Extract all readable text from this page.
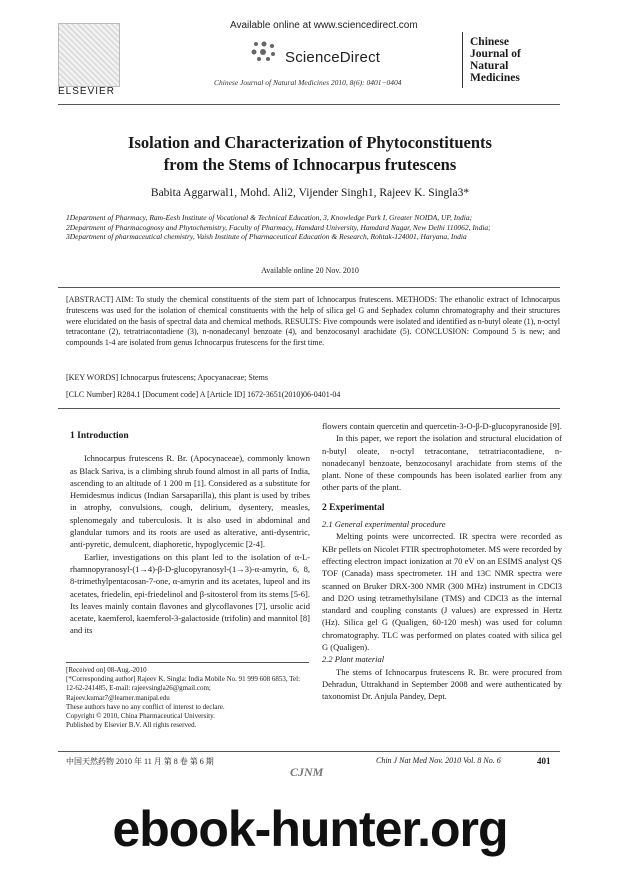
ELSEVIER
Available online at www.sciencedirect.com
ScienceDirect
Chinese Journal of Natural Medicines 2010, 8(6): 0401−0404
Chinese
Journal of
Natural
Medicines
Isolation and Characterization of Phytoconstituents
from the Stems of Ichnocarpus frutescens
Babita Aggarwal1, Mohd. Ali2, Vijender Singh1, Rajeev K. Singla3*
1Department of Pharmacy, Ram-Eesh Institute of Vocational & Technical Education, 3, Knowledge Park I, Greater NOIDA, UP, India;
2Department of Pharmacognosy and Phytochemistry, Faculty of Pharmacy, Hamdard University, Hamdard Nagar, New Delhi 110062, India;
3Department of pharmaceutical chemistry, Vaish Institute of Pharmaceutical Education & Research, Rohtak-124001, Haryana, India
Available online 20 Nov. 2010
[ABSTRACT] AIM: To study the chemical constituents of the stem part of Ichnocarpus frutescens. METHODS: The ethanolic extract of Ichnocarpus frutescens was used for the isolation of chemical constituents with the help of silica gel G and Sephadex column chromatography and their structures were elucidated on the basis of spectral data and chemical methods. RESULTS: Five compounds were isolated and identified as n-butyl oleate (1), n-octyl tetracontane (2), tetratriacontadiene (3), n-nonadecanyl benzoate (4), and benzocosanyl arachidate (5). CONCLUSION: Compound 5 is new; and compounds 1-4 are isolated from genus Ichnocarpus frutescens for the first time.
[KEY WORDS] Ichnocarpus frutescens; Apocyanaceae; Stems
[CLC Number] R284.1 [Document code] A [Article ID] 1672-3651(2010)06-0401-04
1 Introduction

Ichnocarpus frutescens R. Br. (Apocynaceae), commonly known as Black Sariva, is a climbing shrub found almost in all parts of India, ascending to an altitude of 1 200 m [1]. Considered as a substitute for Hemidesmus indicus (Indian Sarsaparilla), this plant is used by tribes in atrophy, convulsions, cough, delirium, dysentery, measles, splenomegaly and tuberculosis. It is also used in abdominal and glandular tumors and its roots are used as alterative, anti-dysentric, anti-pyretic, demulcent, diaphoretic, hypoglycemic [2-4].

Earlier, investigations on this plant led to the isolation of α-L-rhamnopyranosyl-(1→4)-β-D-glucopyranosyl-(1→3)-α-amyrin, 6, 8, 8-trimethylpentacosan-7-one, α-amyrin and its acetates, lupeol and its acetates, friedelin, epi-friedelinol and β-sitosterol from its stems [5-6]. Its leaves mainly contain flavones and glycoflavones [7], ursolic acid acetate, kaemferol, kaemferol-3-galactoside (trifolin) and mannitol [8] and its

flowers contain quercetin and quercetin-3-O-β-D-glucopyranoside [9].

In this paper, we report the isolation and structural elucidation of n-butyl oleate, n-octyl tetracontane, tetratriacontadiene, n-nonadecanyl benzoate, benzocosanyl arachidate from stems of the plant. None of these compounds has been isolated earlier from any other parts of the plant.

2 Experimental
2.1 General experimental procedure

Melting points were uncorrected. IR spectra were recorded as KBr pellets on Nicolet FTIR spectrophotometer. MS were recorded by effecting electron impact ionization at 70 eV on an ESIMS analyst QS TOF (Canada) mass spectrometer. 1H and 13C NMR spectra were scanned on Bruker DRX-300 NMR (300 MHz) instrument in CDCl3 and D2O using tetramethylsilane (TMS) and CDCl3 as the internal standard and coupling constants (J values) are expressed in Hertz (Hz). Silica gel G (Qualigen, 60-120 mesh) was used for column chromatography. TLC was performed on plates coated with silica gel G (Qualigen).

2.2 Plant material

The stems of Ichnocarpus frutescens R. Br. were procured from Dehradun, Uttrakhand in September 2008 and were authenticated by taxonomist Dr. Anjula Pandey, Dept.

[Received on] 08-Aug.-2010
[*Corresponding author] Rajeev K. Singla: India Mobile No. 91 999 608 6853, Tel: 12-62-241485, E-mail: rajeevsingla26@gmail.com; Rajeev.kumar7@learner.manipal.edu
These authors have no any conflict of interest to declare.
Copyright © 2010, China Pharmaceutical University.
Published by Elsevier B.V. All rights reserved.
中国天然药物 2010 年 11 月 第 8 卷 第 6 期	Chin J Nat Med Nov. 2010 Vol. 8 No. 6	401
CJNM
ebook-hunter.org
